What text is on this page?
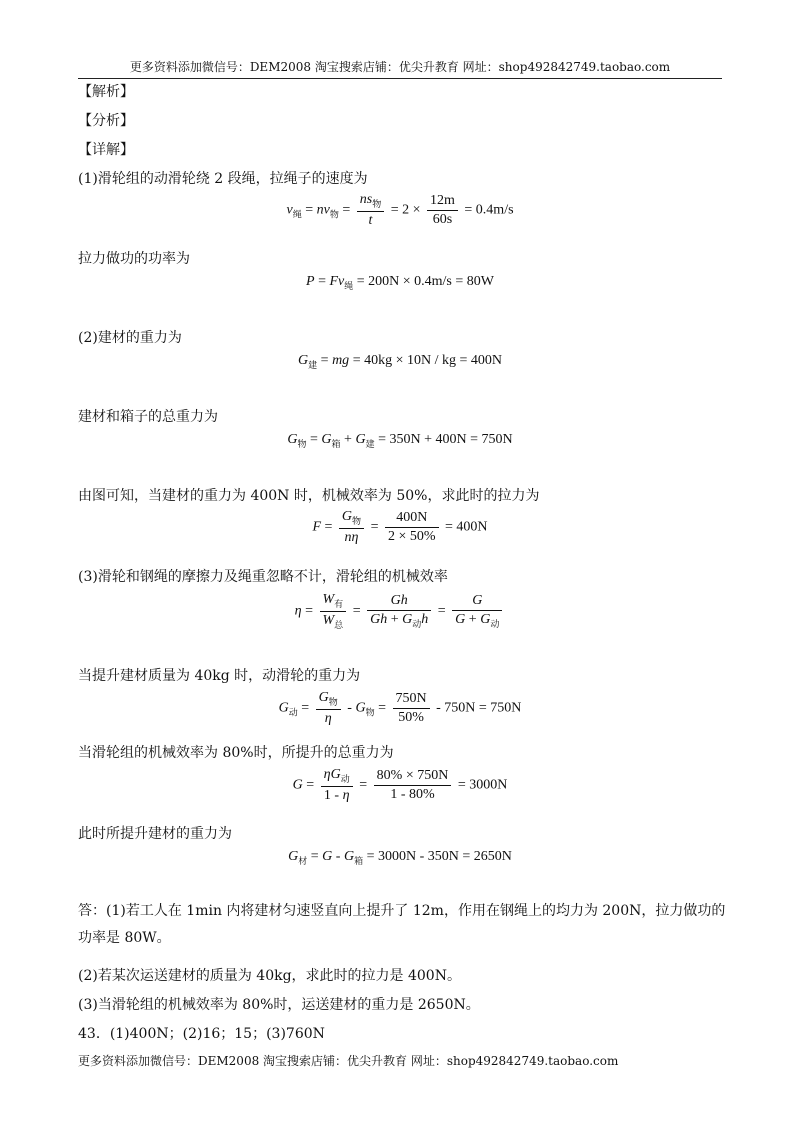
更多资料添加微信号：DEM2008 淘宝搜索店铺：优尖升教育 网址：shop492842749.taobao.com
【解析】
【分析】
【详解】
(1)滑轮组的动滑轮绕 2 段绳，拉绳子的速度为
$v_绳 = nv_物 = \frac{ns_物}{t} = 2 \times \frac{12m}{60s} = 0.4m/s$
拉力做功的功率为
$P = Fv_绳 = 200N \times 0.4m/s = 80W$
(2)建材的重力为
$G_建$ = mg = 40kg × 10N / kg = 400N
建材和箱子的总重力为
$G_物 = G_箱 + G_建 = 350N + 400N = 750N$
由图可知，当建材的重力为 400N 时，机械效率为 50%，求此时的拉力为
$F = \frac{G_物}{n\eta} = \frac{400N}{2 \times 50\%} = 400N$
(3)滑轮和钢绳的摩擦力及绳重忽略不计，滑轮组的机械效率
$\eta = \frac{W_有}{W_总} = \frac{Gh}{Gh + G_动h} = \frac{G}{G + G_动}$
当提升建材质量为 40kg 时，动滑轮的重力为
$G_动 = \frac{G_物}{\eta} - G_物 = \frac{750N}{50\%} - 750N = 750N$
当滑轮组的机械效率为 80%时，所提升的总重力为
$G = \frac{\eta G_动}{1 - \eta} = \frac{80\% \times 750N}{1 - 80\%} = 3000N$
此时所提升建材的重力为
$G_材 = G - G_箱 = 3000N - 350N = 2650N$
答：(1)若工人在 1min 内将建材匀速竖直向上提升了 12m，作用在钢绳上的均力为 200N，拉力做功的功率是 80W。
(2)若某次运送建材的质量为 40kg，求此时的拉力是 400N。
(3)当滑轮组的机械效率为 80%时，运送建材的重力是 2650N。
43．(1)400N；(2)16；15；(3)760N
更多资料添加微信号：DEM2008 淘宝搜索店铺：优尖升教育 网址：shop492842749.taobao.com
